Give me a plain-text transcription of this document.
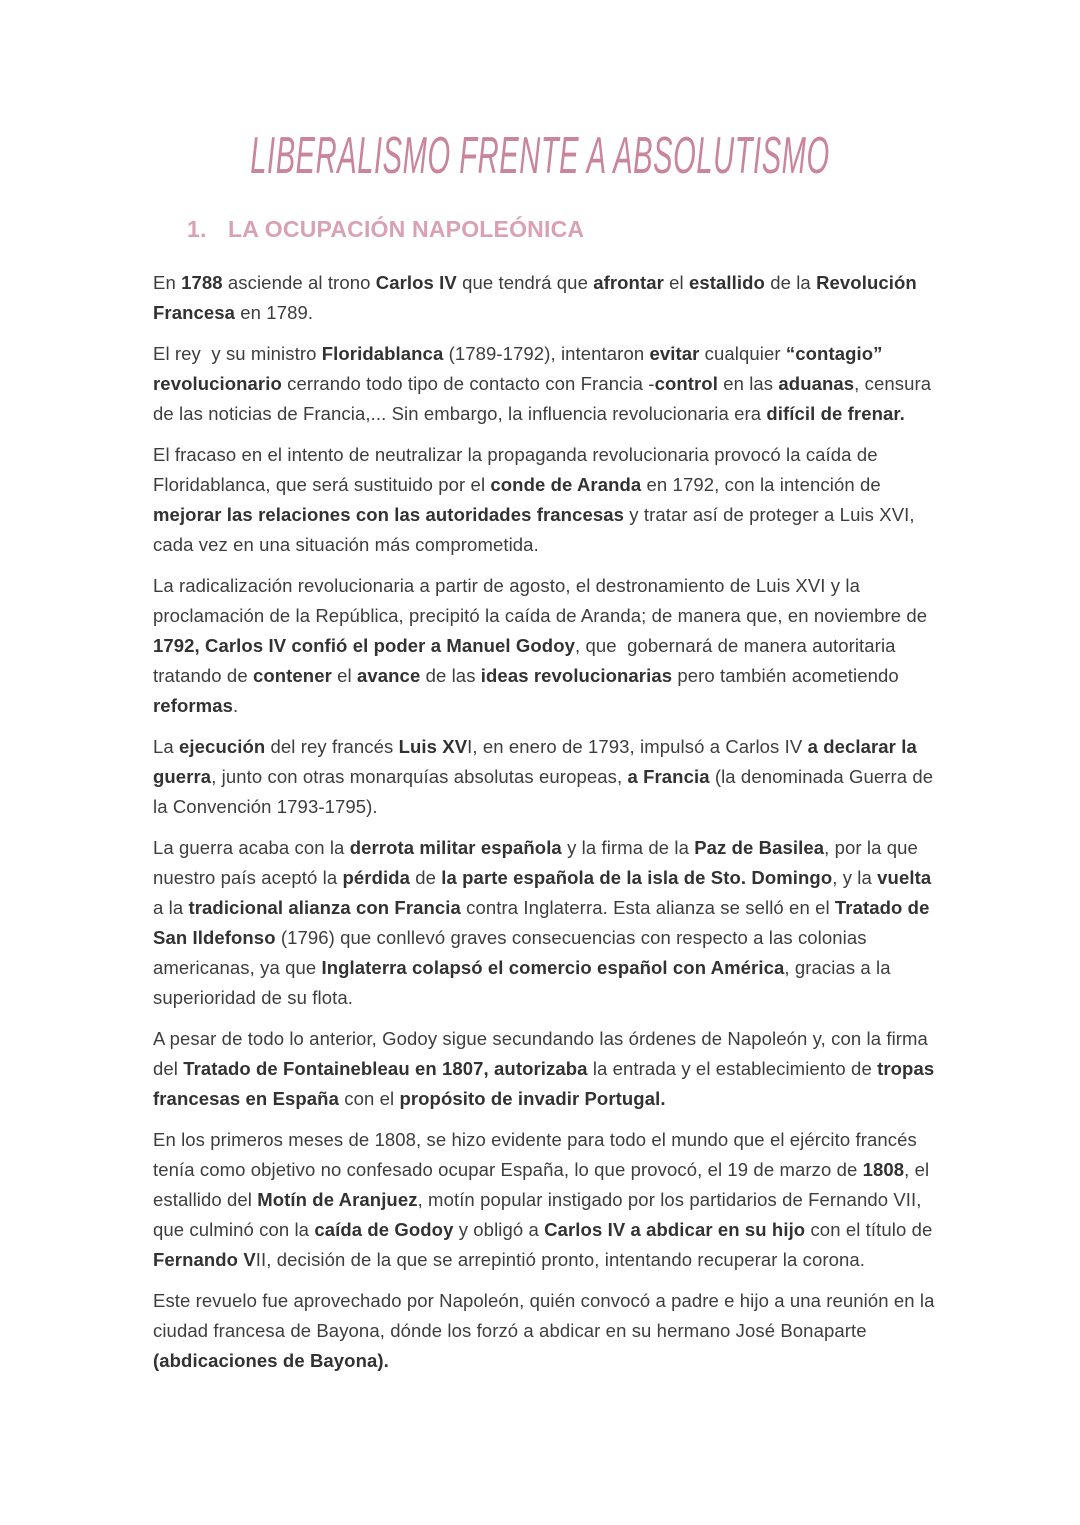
LIBERALISMO FRENTE A ABSOLUTISMO
1. LA OCUPACIÓN NAPOLEÓNICA

En 1788 asciende al trono Carlos IV que tendrá que afrontar el estallido de la Revolución Francesa en 1789.

El rey  y su ministro Floridablanca (1789-1792), intentaron evitar cualquier “contagio” revolucionario cerrando todo tipo de contacto con Francia -control en las aduanas, censura de las noticias de Francia,... Sin embargo, la influencia revolucionaria era difícil de frenar.

El fracaso en el intento de neutralizar la propaganda revolucionaria provocó la caída de Floridablanca, que será sustituido por el conde de Aranda en 1792, con la intención de mejorar las relaciones con las autoridades francesas y tratar así de proteger a Luis XVI, cada vez en una situación más comprometida.

La radicalización revolucionaria a partir de agosto, el destronamiento de Luis XVI y la proclamación de la República, precipitó la caída de Aranda; de manera que, en noviembre de 1792, Carlos IV confió el poder a Manuel Godoy, que  gobernará de manera autoritaria tratando de contener el avance de las ideas revolucionarias pero también acometiendo reformas.

La ejecución del rey francés Luis XVI, en enero de 1793, impulsó a Carlos IV a declarar la guerra, junto con otras monarquías absolutas europeas, a Francia (la denominada Guerra de la Convención 1793-1795).

La guerra acaba con la derrota militar española y la firma de la Paz de Basilea, por la que nuestro país aceptó la pérdida de la parte española de la isla de Sto. Domingo, y la vuelta a la tradicional alianza con Francia contra Inglaterra. Esta alianza se selló en el Tratado de San Ildefonso (1796) que conllevó graves consecuencias con respecto a las colonias americanas, ya que Inglaterra colapsó el comercio español con América, gracias a la superioridad de su flota.

A pesar de todo lo anterior, Godoy sigue secundando las órdenes de Napoleón y, con la firma del Tratado de Fontainebleau en 1807, autorizaba la entrada y el establecimiento de tropas francesas en España con el propósito de invadir Portugal.

En los primeros meses de 1808, se hizo evidente para todo el mundo que el ejército francés tenía como objetivo no confesado ocupar España, lo que provocó, el 19 de marzo de 1808, el estallido del Motín de Aranjuez, motín popular instigado por los partidarios de Fernando VII, que culminó con la caída de Godoy y obligó a Carlos IV a abdicar en su hijo con el título de Fernando VII, decisión de la que se arrepintió pronto, intentando recuperar la corona.

Este revuelo fue aprovechado por Napoleón, quién convocó a padre e hijo a una reunión en la ciudad francesa de Bayona, dónde los forzó a abdicar en su hermano José Bonaparte (abdicaciones de Bayona).
